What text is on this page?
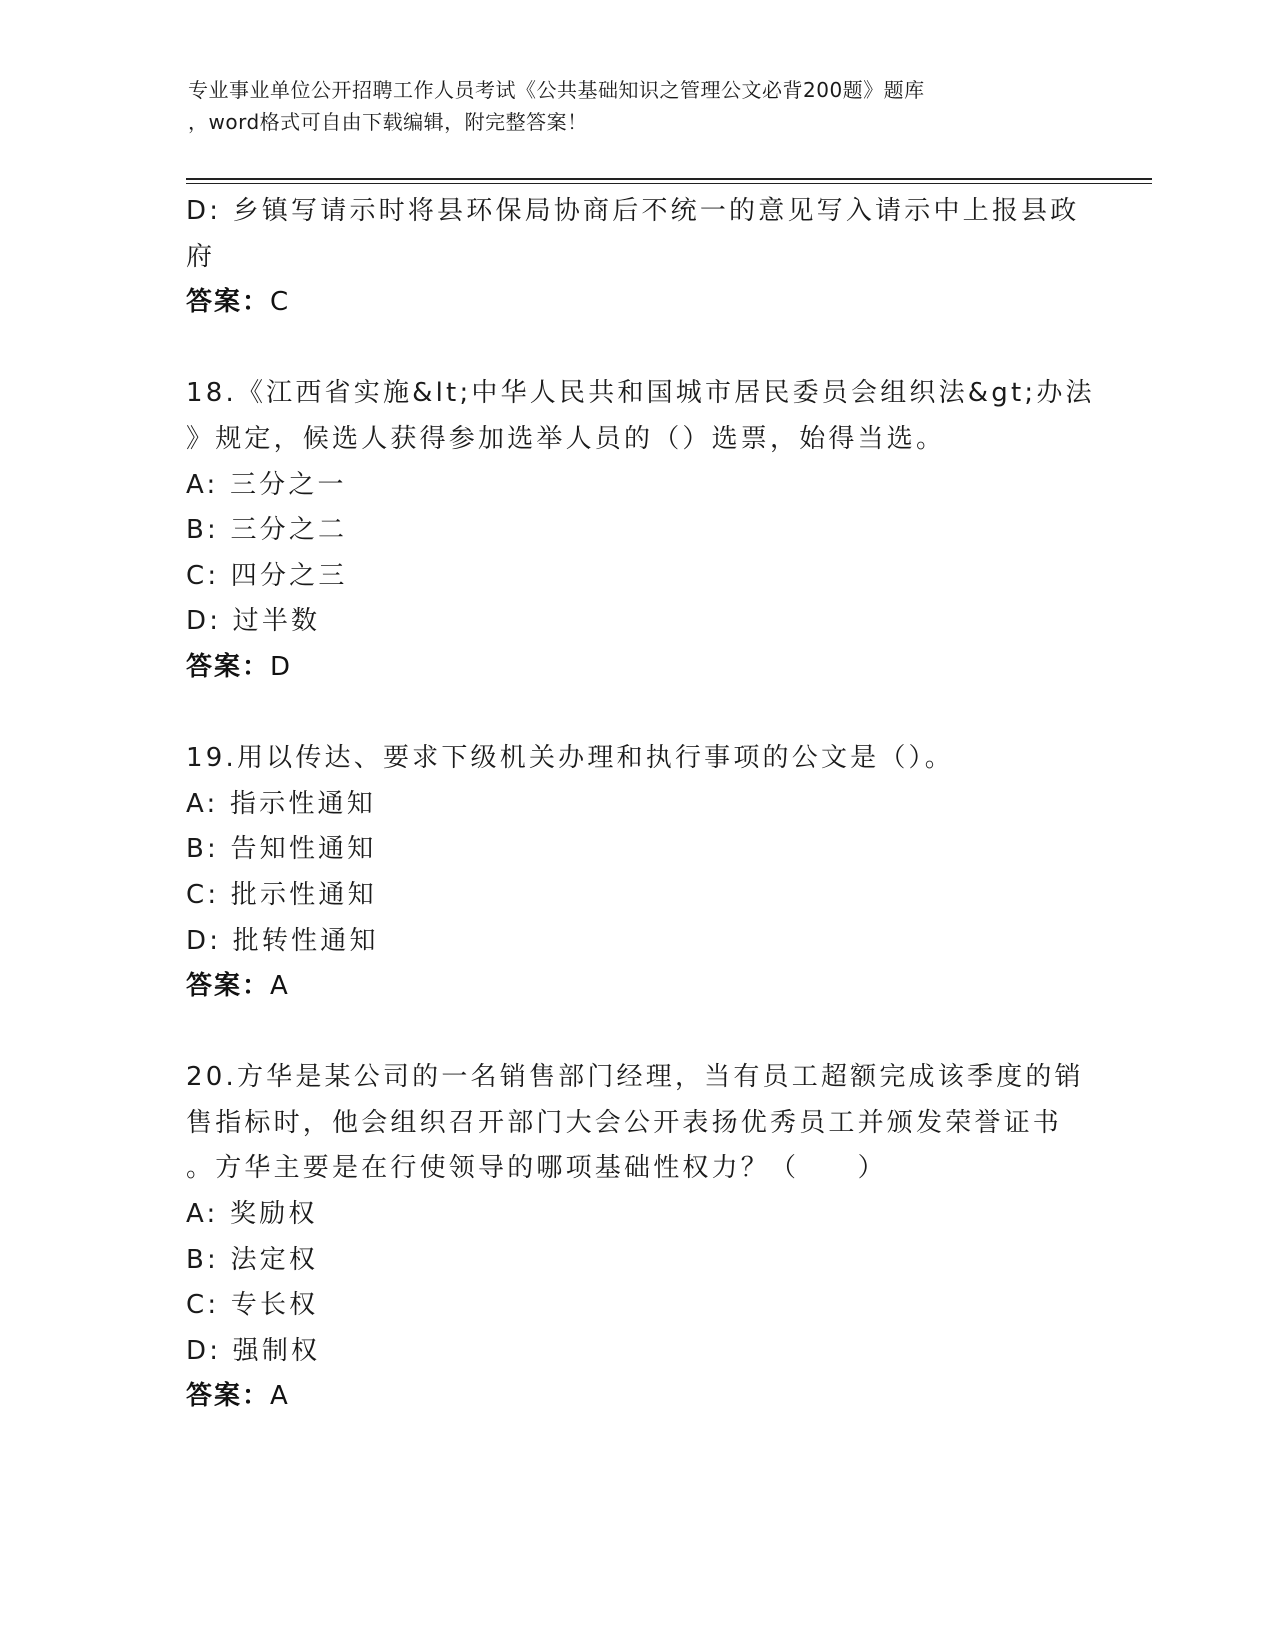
专业事业单位公开招聘工作人员考试《公共基础知识之管理公文必背200题》题库
，word格式可自由下载编辑，附完整答案！
D: 乡镇写请示时将县环保局协商后不统一的意见写入请示中上报县政
府
答案：C
18.《江西省实施&lt;中华人民共和国城市居民委员会组织法&gt;办法
》规定，候选人获得参加选举人员的（）选票，始得当选。
A: 三分之一
B: 三分之二
C: 四分之三
D: 过半数
答案：D
19.用以传达、要求下级机关办理和执行事项的公文是（）。
A: 指示性通知
B: 告知性通知
C: 批示性通知
D: 批转性通知
答案：A
20.方华是某公司的一名销售部门经理，当有员工超额完成该季度的销
售指标时，他会组织召开部门大会公开表扬优秀员工并颁发荣誉证书
。方华主要是在行使领导的哪项基础性权力？（　　）
A: 奖励权
B: 法定权
C: 专长权
D: 强制权
答案：A
